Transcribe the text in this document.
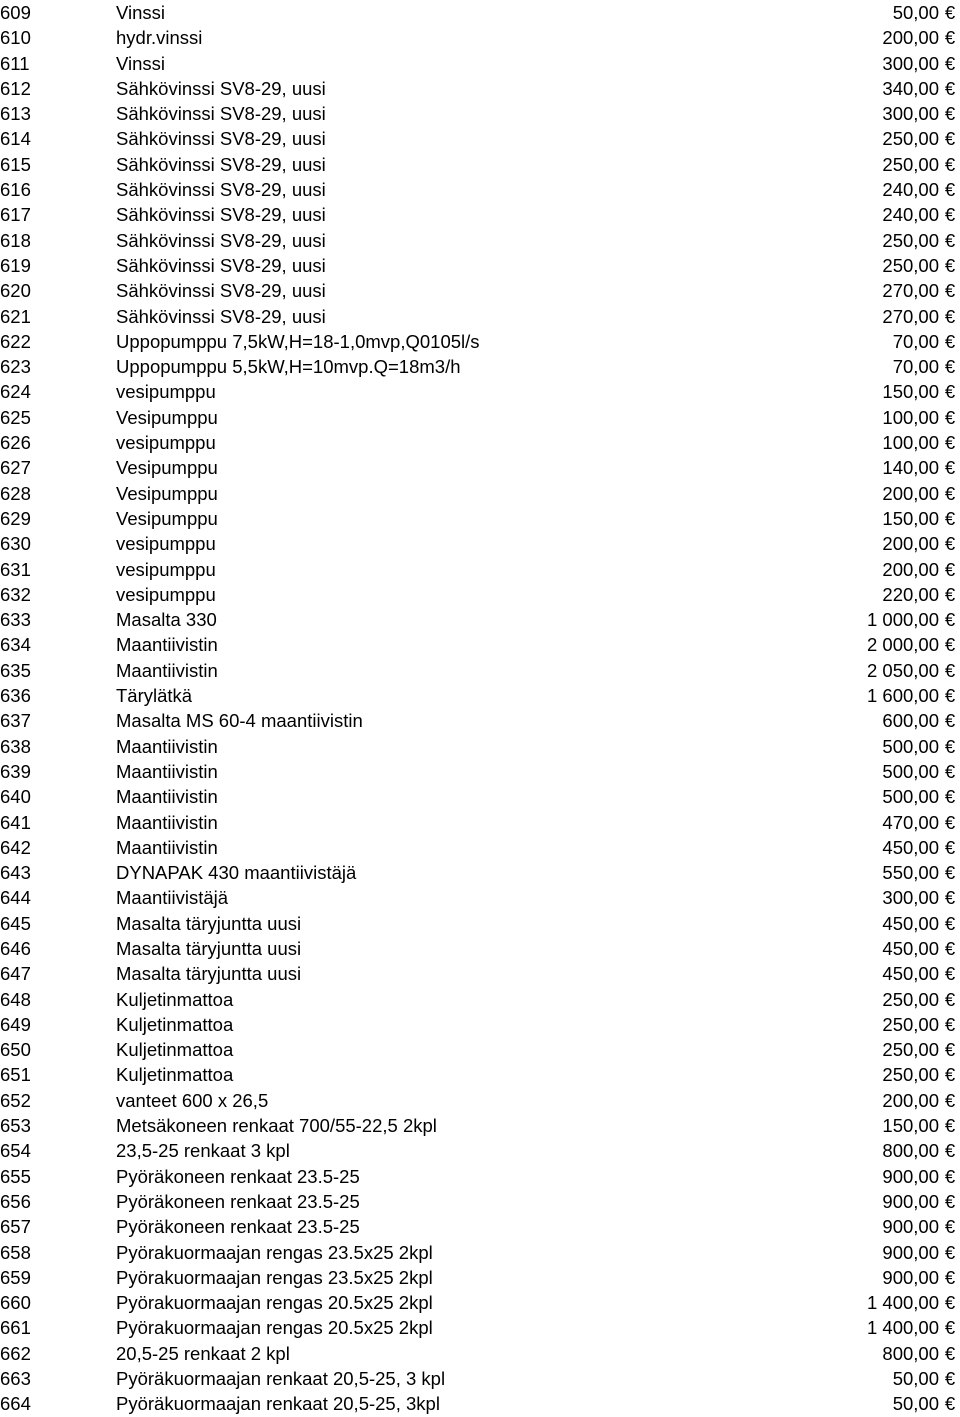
609	Vinssi	50,00 €
610	hydr.vinssi	200,00 €
611	Vinssi	300,00 €
612	Sähkövinssi SV8-29, uusi	340,00 €
613	Sähkövinssi SV8-29, uusi	300,00 €
614	Sähkövinssi SV8-29, uusi	250,00 €
615	Sähkövinssi SV8-29, uusi	250,00 €
616	Sähkövinssi SV8-29, uusi	240,00 €
617	Sähkövinssi SV8-29, uusi	240,00 €
618	Sähkövinssi SV8-29, uusi	250,00 €
619	Sähkövinssi SV8-29, uusi	250,00 €
620	Sähkövinssi SV8-29, uusi	270,00 €
621	Sähkövinssi SV8-29, uusi	270,00 €
622	Uppopumppu 7,5kW,H=18-1,0mvp,Q0105l/s	70,00 €
623	Uppopumppu 5,5kW,H=10mvp.Q=18m3/h	70,00 €
624	vesipumppu	150,00 €
625	Vesipumppu	100,00 €
626	vesipumppu	100,00 €
627	Vesipumppu	140,00 €
628	Vesipumppu	200,00 €
629	Vesipumppu	150,00 €
630	vesipumppu	200,00 €
631	vesipumppu	200,00 €
632	vesipumppu	220,00 €
633	Masalta 330	1 000,00 €
634	Maantiivistin	2 000,00 €
635	Maantiivistin	2 050,00 €
636	Tärylätkä	1 600,00 €
637	Masalta MS 60-4 maantiivistin	600,00 €
638	Maantiivistin	500,00 €
639	Maantiivistin	500,00 €
640	Maantiivistin	500,00 €
641	Maantiivistin	470,00 €
642	Maantiivistin	450,00 €
643	DYNAPAK 430 maantiivistäjä	550,00 €
644	Maantiivistäjä	300,00 €
645	Masalta täryjuntta uusi	450,00 €
646	Masalta täryjuntta uusi	450,00 €
647	Masalta täryjuntta uusi	450,00 €
648	Kuljetinmattoa	250,00 €
649	Kuljetinmattoa	250,00 €
650	Kuljetinmattoa	250,00 €
651	Kuljetinmattoa	250,00 €
652	vanteet 600 x 26,5	200,00 €
653	Metsäkoneen renkaat 700/55-22,5 2kpl	150,00 €
654	23,5-25 renkaat 3 kpl	800,00 €
655	Pyöräkoneen renkaat 23.5-25	900,00 €
656	Pyöräkoneen renkaat 23.5-25	900,00 €
657	Pyöräkoneen renkaat 23.5-25	900,00 €
658	Pyörakuormaajan rengas 23.5x25 2kpl	900,00 €
659	Pyörakuormaajan rengas 23.5x25 2kpl	900,00 €
660	Pyörakuormaajan rengas 20.5x25 2kpl	1 400,00 €
661	Pyörakuormaajan rengas 20.5x25 2kpl	1 400,00 €
662	20,5-25 renkaat 2 kpl	800,00 €
663	Pyöräkuormaajan renkaat 20,5-25, 3 kpl	50,00 €
664	Pyöräkuormaajan renkaat 20,5-25, 3kpl	50,00 €
